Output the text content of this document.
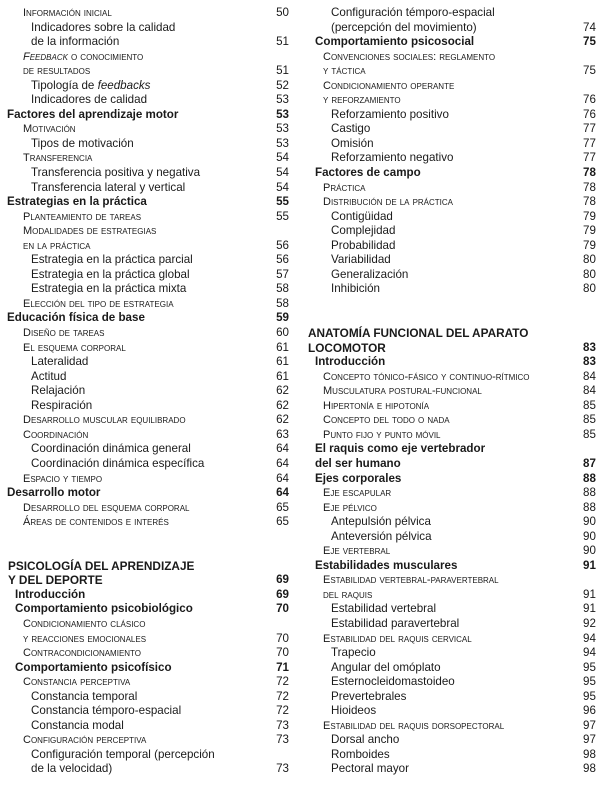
Información inicial	50
Indicadores sobre la calidad
de la información	51
Feedback o conocimiento
de resultados	51
Tipología de feedbacks	52
Indicadores de calidad	53
Factores del aprendizaje motor	53
Motivación	53
Tipos de motivación	53
Transferencia	54
Transferencia positiva y negativa	54
Transferencia lateral y vertical	54
Estrategias en la práctica	55
Planteamiento de tareas	55
Modalidades de estrategias
en la práctica	56
Estrategia en la práctica parcial	56
Estrategia en la práctica global	57
Estrategia en la práctica mixta	58
Elección del tipo de estrategia	58
Educación física de base	59
Diseño de tareas	60
El esquema corporal	61
Lateralidad	61
Actitud	61
Relajación	62
Respiración	62
Desarrollo muscular equilibrado	62
Coordinación	63
Coordinación dinámica general	64
Coordinación dinámica específica	64
Espacio y tiempo	64
Desarrollo motor	64
Desarrollo del esquema corporal	65
Áreas de contenidos e interés	65
PSICOLOGÍA DEL APRENDIZAJE
Y DEL DEPORTE	69
Introducción	69
Comportamiento psicobiológico	70
Condicionamiento clásico
y reacciones emocionales	70
Contracondicionamiento	70
Comportamiento psicofísico	71
Constancia perceptiva	72
Constancia temporal	72
Constancia témporo-espacial	72
Constancia modal	73
Configuración perceptiva	73
Configuración temporal (percepción
de la velocidad)	73
Configuración témporo-espacial
(percepción del movimiento)	74
Comportamiento psicosocial	75
Convenciones sociales: reglamento
y táctica	75
Condicionamiento operante
y reforzamiento	76
Reforzamiento positivo	76
Castigo	77
Omisión	77
Reforzamiento negativo	77
Factores de campo	78
Práctica	78
Distribución de la práctica	78
Contigüidad	79
Complejidad	79
Probabilidad	79
Variabilidad	80
Generalización	80
Inhibición	80
ANATOMÍA FUNCIONAL DEL APARATO
LOCOMOTOR	83
Introducción	83
Concepto tónico-fásico y continuo-rítmico	84
Musculatura postural-funcional	84
Hipertonía e hipotonía	85
Concepto del todo o nada	85
Punto fijo y punto móvil	85
El raquis como eje vertebrador
del ser humano	87
Ejes corporales	88
Eje escapular	88
Eje pélvico	88
Antepulsión pélvica	90
Anteversión pélvica	90
Eje vertebral	90
Estabilidades musculares	91
Estabilidad vertebral-paravertebral
del raquis	91
Estabilidad vertebral	91
Estabilidad paravertebral	92
Estabilidad del raquis cervical	94
Trapecio	94
Angular del omóplato	95
Esternocleidomastoideo	95
Prevertebrales	95
Hioideos	96
Estabilidad del raquis dorsopectoral	97
Dorsal ancho	97
Romboides	98
Pectoral mayor	98
